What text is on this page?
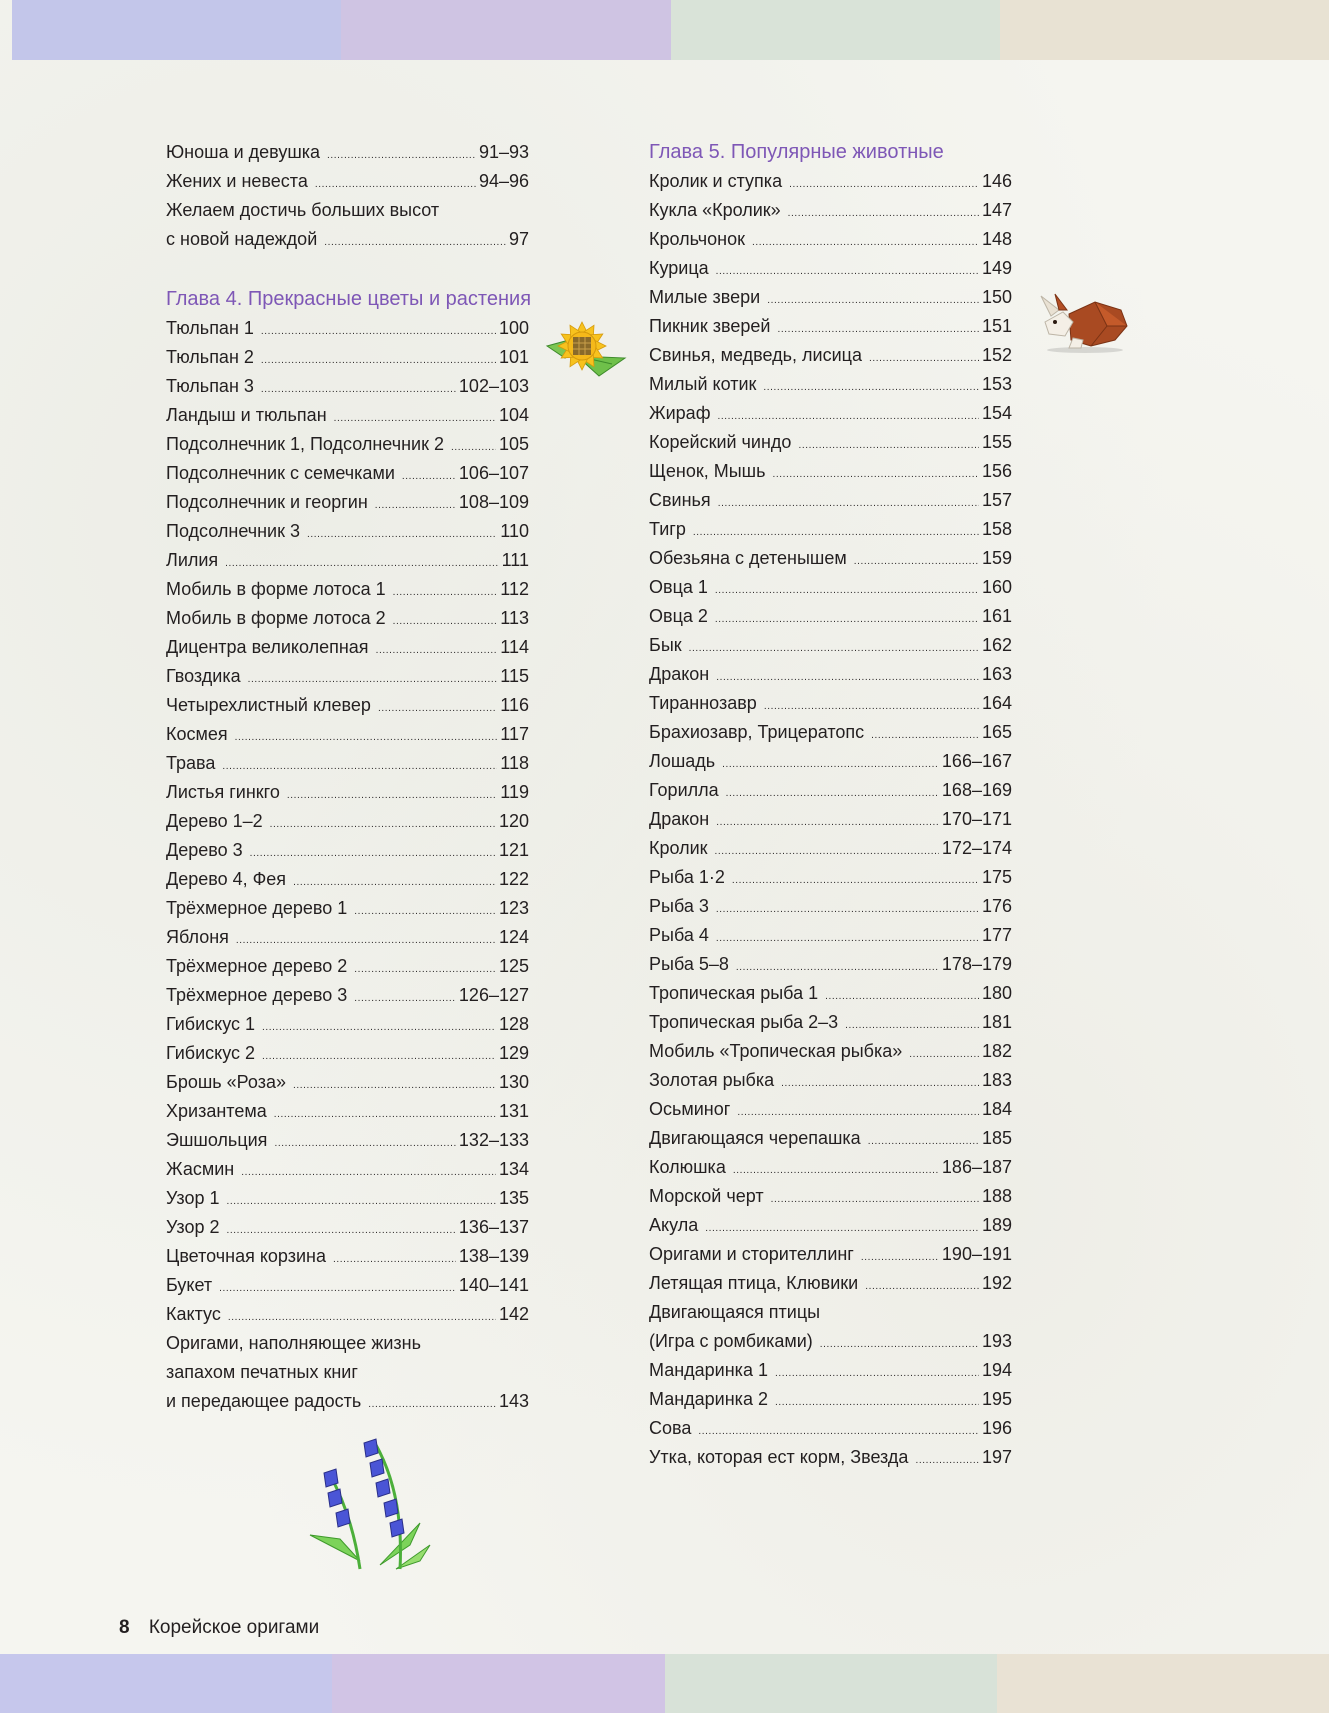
Юноша и девушка .....	91–93
Жених и невеста .....	94–96
Желаем достичь больших высот
с новой надеждой .....	97
Глава 4. Прекрасные цветы и растения
Тюльпан 1 .....	100
Тюльпан 2 .....	101
Тюльпан 3 .....	102–103
Ландыш и тюльпан .....	104
Подсолнечник 1, Подсолнечник 2 .....	105
Подсолнечник с семечками .....	106–107
Подсолнечник и георгин .....	108–109
Подсолнечник 3 .....	110
Лилия .....	111
Мобиль в форме лотоса 1 .....	112
Мобиль в форме лотоса 2 .....	113
Дицентра великолепная .....	114
Гвоздика .....	115
Четырехлистный клевер .....	116
Космея .....	117
Трава .....	118
Листья гинкго .....	119
Дерево 1–2 .....	120
Дерево 3 .....	121
Дерево 4, Фея .....	122
Трёхмерное дерево 1 .....	123
Яблоня .....	124
Трёхмерное дерево 2 .....	125
Трёхмерное дерево 3 .....	126–127
Гибискус 1 .....	128
Гибискус 2 .....	129
Брошь «Роза» .....	130
Хризантема .....	131
Эшшольция .....	132–133
Жасмин .....	134
Узор 1 .....	135
Узор 2 .....	136–137
Цветочная корзина .....	138–139
Букет .....	140–141
Кактус .....	142
Оригами, наполняющее жизнь
запахом печатных книг
и передающее радость .....	143
Глава 5. Популярные животные
Кролик и ступка .....	146
Кукла «Кролик» .....	147
Крольчонок .....	148
Курица .....	149
Милые звери .....	150
Пикник зверей .....	151
Свинья, медведь, лисица .....	152
Милый котик .....	153
Жираф .....	154
Корейский чиндо .....	155
Щенок, Мышь .....	156
Свинья .....	157
Тигр .....	158
Обезьяна с детенышем .....	159
Овца 1 .....	160
Овца 2 .....	161
Бык .....	162
Дракон .....	163
Тираннозавр .....	164
Брахиозавр, Трицератопс .....	165
Лошадь .....	166–167
Горилла .....	168–169
Дракон .....	170–171
Кролик .....	172–174
Рыба 1·2 .....	175
Рыба 3 .....	176
Рыба 4 .....	177
Рыба 5–8 .....	178–179
Тропическая рыба 1 .....	180
Тропическая рыба 2–3 .....	181
Мобиль «Тропическая рыбка» .....	182
Золотая рыбка .....	183
Осьминог .....	184
Двигающаяся черепашка .....	185
Колюшка .....	186–187
Морской черт .....	188
Акула .....	189
Оригами и сторителлинг .....	190–191
Летящая птица, Клювики .....	192
Двигающаяся птицы
(Игра с ромбиками) .....	193
Мандаринка 1 .....	194
Мандаринка 2 .....	195
Сова .....	196
Утка, которая ест корм, Звезда .....	197
8 Корейское оригами
